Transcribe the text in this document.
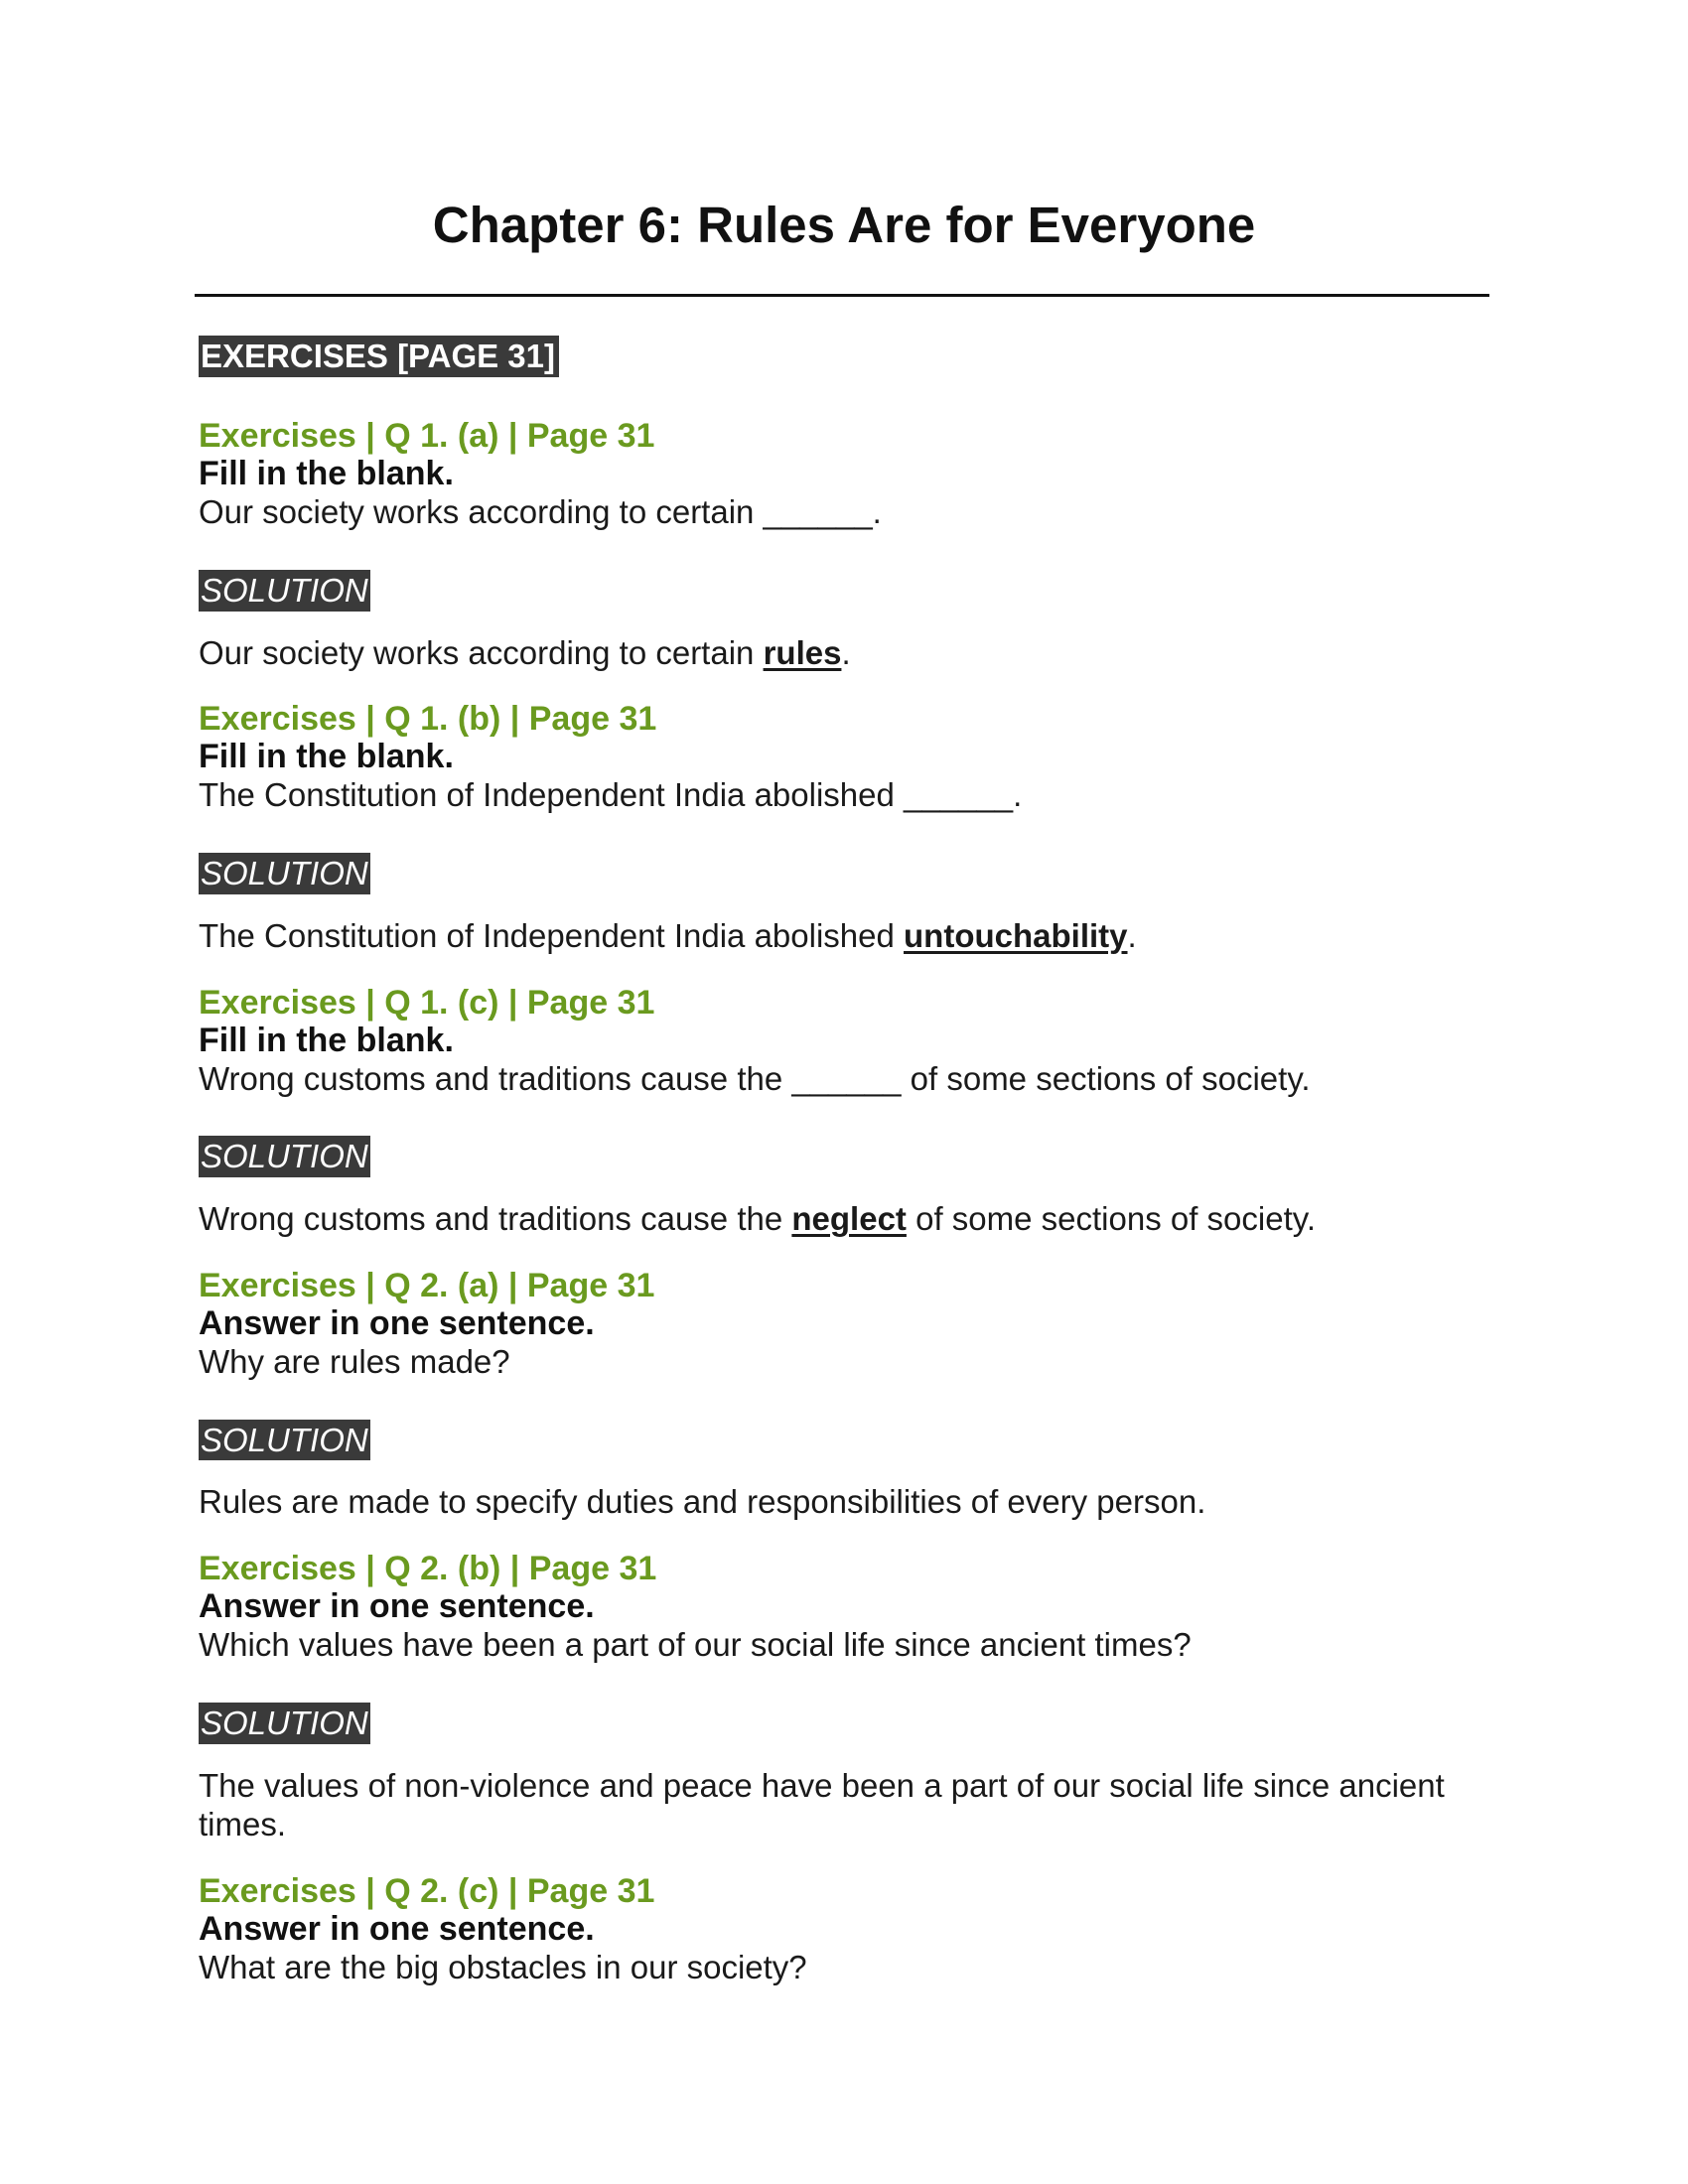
Chapter 6: Rules Are for Everyone
EXERCISES [PAGE 31]

Exercises | Q 1. (a) | Page 31

Fill in the blank.

Our society works according to certain ______.

SOLUTION
Our society works according to certain rules.

Exercises | Q 1. (b) | Page 31

Fill in the blank.

The Constitution of Independent India abolished ______.

SOLUTION
The Constitution of Independent India abolished untouchability.

Exercises | Q 1. (c) | Page 31

Fill in the blank.

Wrong customs and traditions cause the ______ of some sections of society.

SOLUTION
Wrong customs and traditions cause the neglect of some sections of society.

Exercises | Q 2. (a) | Page 31

Answer in one sentence.

Why are rules made?

SOLUTION
Rules are made to specify duties and responsibilities of every person.

Exercises | Q 2. (b) | Page 31

Answer in one sentence.

Which values have been a part of our social life since ancient times?

SOLUTION
The values of non-violence and peace have been a part of our social life since ancient times.

Exercises | Q 2. (c) | Page 31

Answer in one sentence.

What are the big obstacles in our society?
